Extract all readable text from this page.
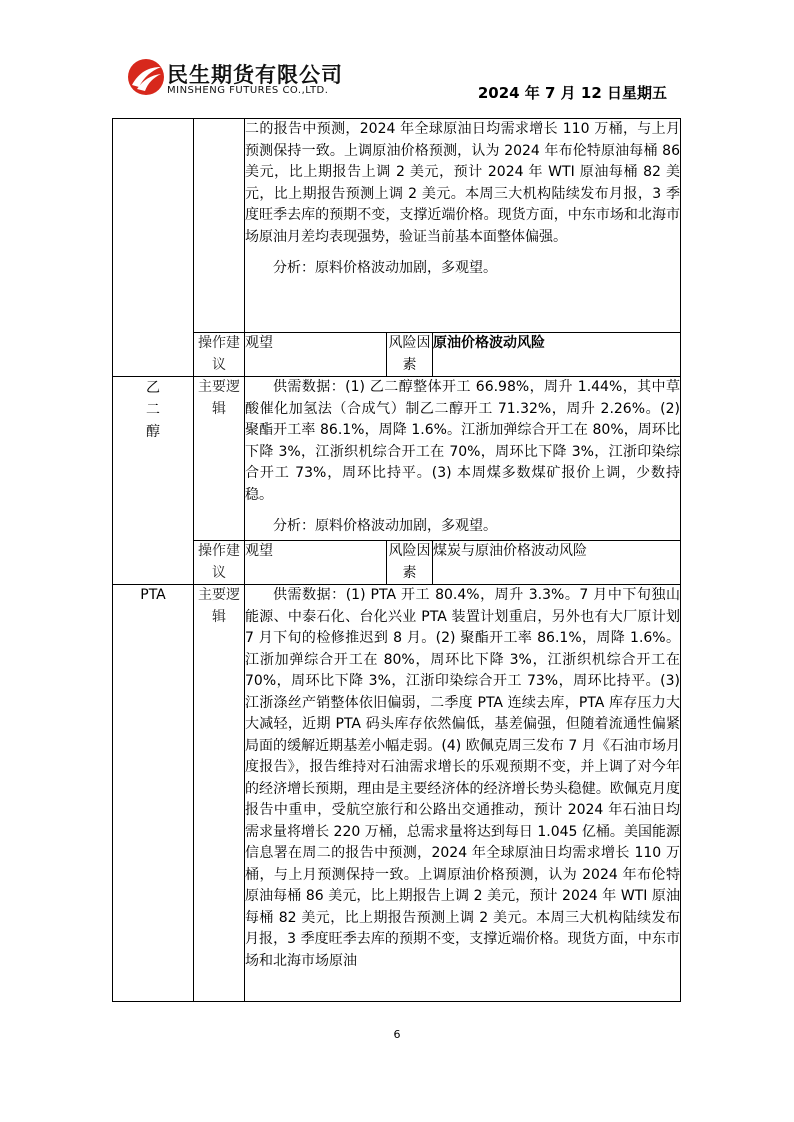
民生期货有限公司
MINSHENG FUTURES CO.,LTD.	2024 年 7 月 12 日星期五

		二的报告中预测，2024 年全球原油日均需求增长 110 万桶，与上月预测保持一致。上调原油价格预测，认为 2024 年布伦特原油每桶 86 美元，比上期报告上调 2 美元，预计 2024 年 WTI 原油每桶 82 美元，比上期报告预测上调 2 美元。本周三大机构陆续发布月报，3 季度旺季去库的预期不变，支撑近端价格。现货方面，中东市场和北海市场原油月差均表现强势，验证当前基本面整体偏强。

分析：原料价格波动加剧，多观望。		

	操作建议	观望	风险因素	原油价格波动风险
乙二醇	主要逻辑	供需数据：(1) 乙二醇整体开工 66.98%，周升 1.44%，其中草酸催化加氢法（合成气）制乙二醇开工 71.32%，周升 2.26%。(2) 聚酯开工率 86.1%，周降 1.6%。江浙加弹综合开工在 80%，周环比下降 3%，江浙织机综合开工在 70%，周环比下降 3%，江浙印染综合开工 73%，周环比持平。(3) 本周煤多数煤矿报价上调，少数持稳。

分析：原料价格波动加剧，多观望。		

	操作建议	观望	风险因素	煤炭与原油价格波动风险
PTA	主要逻辑	供需数据：(1) PTA 开工 80.4%，周升 3.3%。7 月中下旬独山能源、中泰石化、台化兴业 PTA 装置计划重启，另外也有大厂原计划 7 月下旬的检修推迟到 8 月。(2) 聚酯开工率 86.1%，周降 1.6%。江浙加弹综合开工在 80%，周环比下降 3%，江浙织机综合开工在 70%，周环比下降 3%，江浙印染综合开工 73%，周环比持平。(3) 江浙涤丝产销整体依旧偏弱，二季度 PTA 连续去库，PTA 库存压力大大减轻，近期 PTA 码头库存依然偏低，基差偏强，但随着流通性偏紧局面的缓解近期基差小幅走弱。(4) 欧佩克周三发布 7 月《石油市场月度报告》，报告维持对石油需求增长的乐观预期不变，并上调了对今年的经济增长预期，理由是主要经济体的经济增长势头稳健。欧佩克月度报告中重申，受航空旅行和公路出交通推动，预计 2024 年石油日均需求量将增长 220 万桶，总需求量将达到每日 1.045 亿桶。美国能源信息署在周二的报告中预测，2024 年全球原油日均需求增长 110 万桶，与上月预测保持一致。上调原油价格预测，认为 2024 年布伦特原油每桶 86 美元，比上期报告上调 2 美元，预计 2024 年 WTI 原油每桶 82 美元，比上期报告预测上调 2 美元。本周三大机构陆续发布月报，3 季度旺季去库的预期不变，支撑近端价格。现货方面，中东市场和北海市场原油		

6
